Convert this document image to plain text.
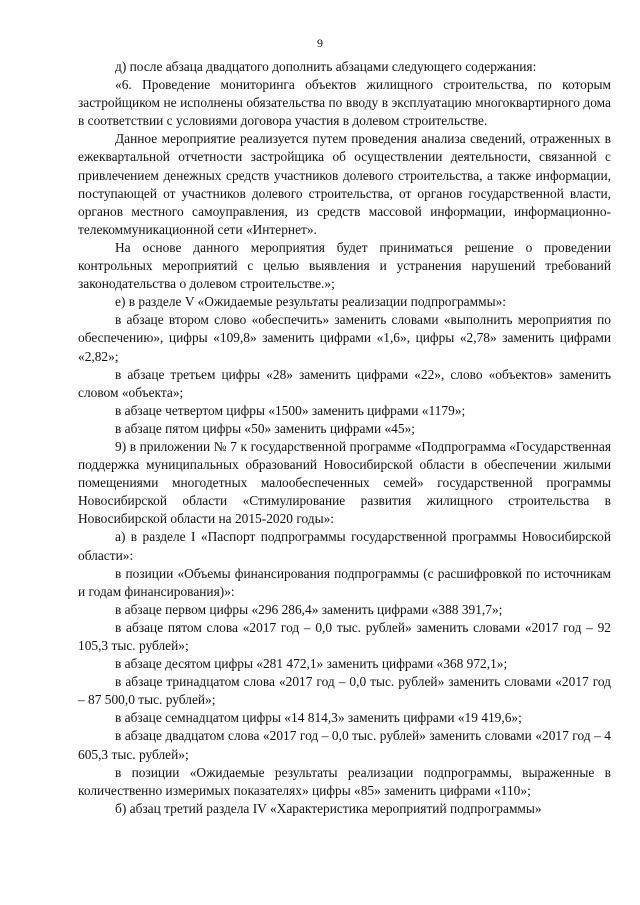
9

д) после абзаца двадцатого дополнить абзацами следующего содержания:

«6. Проведение мониторинга объектов жилищного строительства, по которым застройщиком не исполнены обязательства по вводу в эксплуатацию многоквартирного дома в соответствии с условиями договора участия в долевом строительстве.

Данное мероприятие реализуется путем проведения анализа сведений, отраженных в ежеквартальной отчетности застройщика об осуществлении деятельности, связанной с привлечением денежных средств участников долевого строительства, а также информации, поступающей от участников долевого строительства, от органов государственной власти, органов местного самоуправления, из средств массовой информации, информационно-телекоммуникационной сети «Интернет».

На основе данного мероприятия будет приниматься решение о проведении контрольных мероприятий с целью выявления и устранения нарушений требований законодательства о долевом строительстве.»;

е) в разделе V «Ожидаемые результаты реализации подпрограммы»:

в абзаце втором слово «обеспечить» заменить словами «выполнить мероприятия по обеспечению», цифры «109,8» заменить цифрами «1,6», цифры «2,78» заменить цифрами «2,82»;

в абзаце третьем цифры «28» заменить цифрами «22», слово «объектов» заменить словом «объекта»;

в абзаце четвертом цифры «1500» заменить цифрами «1179»;

в абзаце пятом цифры «50» заменить цифрами «45»;

9) в приложении № 7 к государственной программе «Подпрограмма «Государственная поддержка муниципальных образований Новосибирской области в обеспечении жилыми помещениями многодетных малообеспеченных семей» государственной программы Новосибирской области «Стимулирование развития жилищного строительства в Новосибирской области на 2015-2020 годы»:

а) в разделе I «Паспорт подпрограммы государственной программы Новосибирской области»:

в позиции «Объемы финансирования подпрограммы (с расшифровкой по источникам и годам финансирования)»:

в абзаце первом цифры «296 286,4» заменить цифрами «388 391,7»;

в абзаце пятом слова «2017 год – 0,0 тыс. рублей» заменить словами «2017 год – 92 105,3 тыс. рублей»;

в абзаце десятом цифры «281 472,1» заменить цифрами «368 972,1»;

в абзаце тринадцатом слова «2017 год – 0,0 тыс. рублей» заменить словами «2017 год – 87 500,0 тыс. рублей»;

в абзаце семнадцатом цифры «14 814,3» заменить цифрами «19 419,6»;

в абзаце двадцатом слова «2017 год – 0,0 тыс. рублей» заменить словами «2017 год – 4 605,3 тыс. рублей»;

в позиции «Ожидаемые результаты реализации подпрограммы, выраженные в количественно измеримых показателях» цифры «85» заменить цифрами «110»;

б) абзац третий раздела IV «Характеристика мероприятий подпрограммы»
